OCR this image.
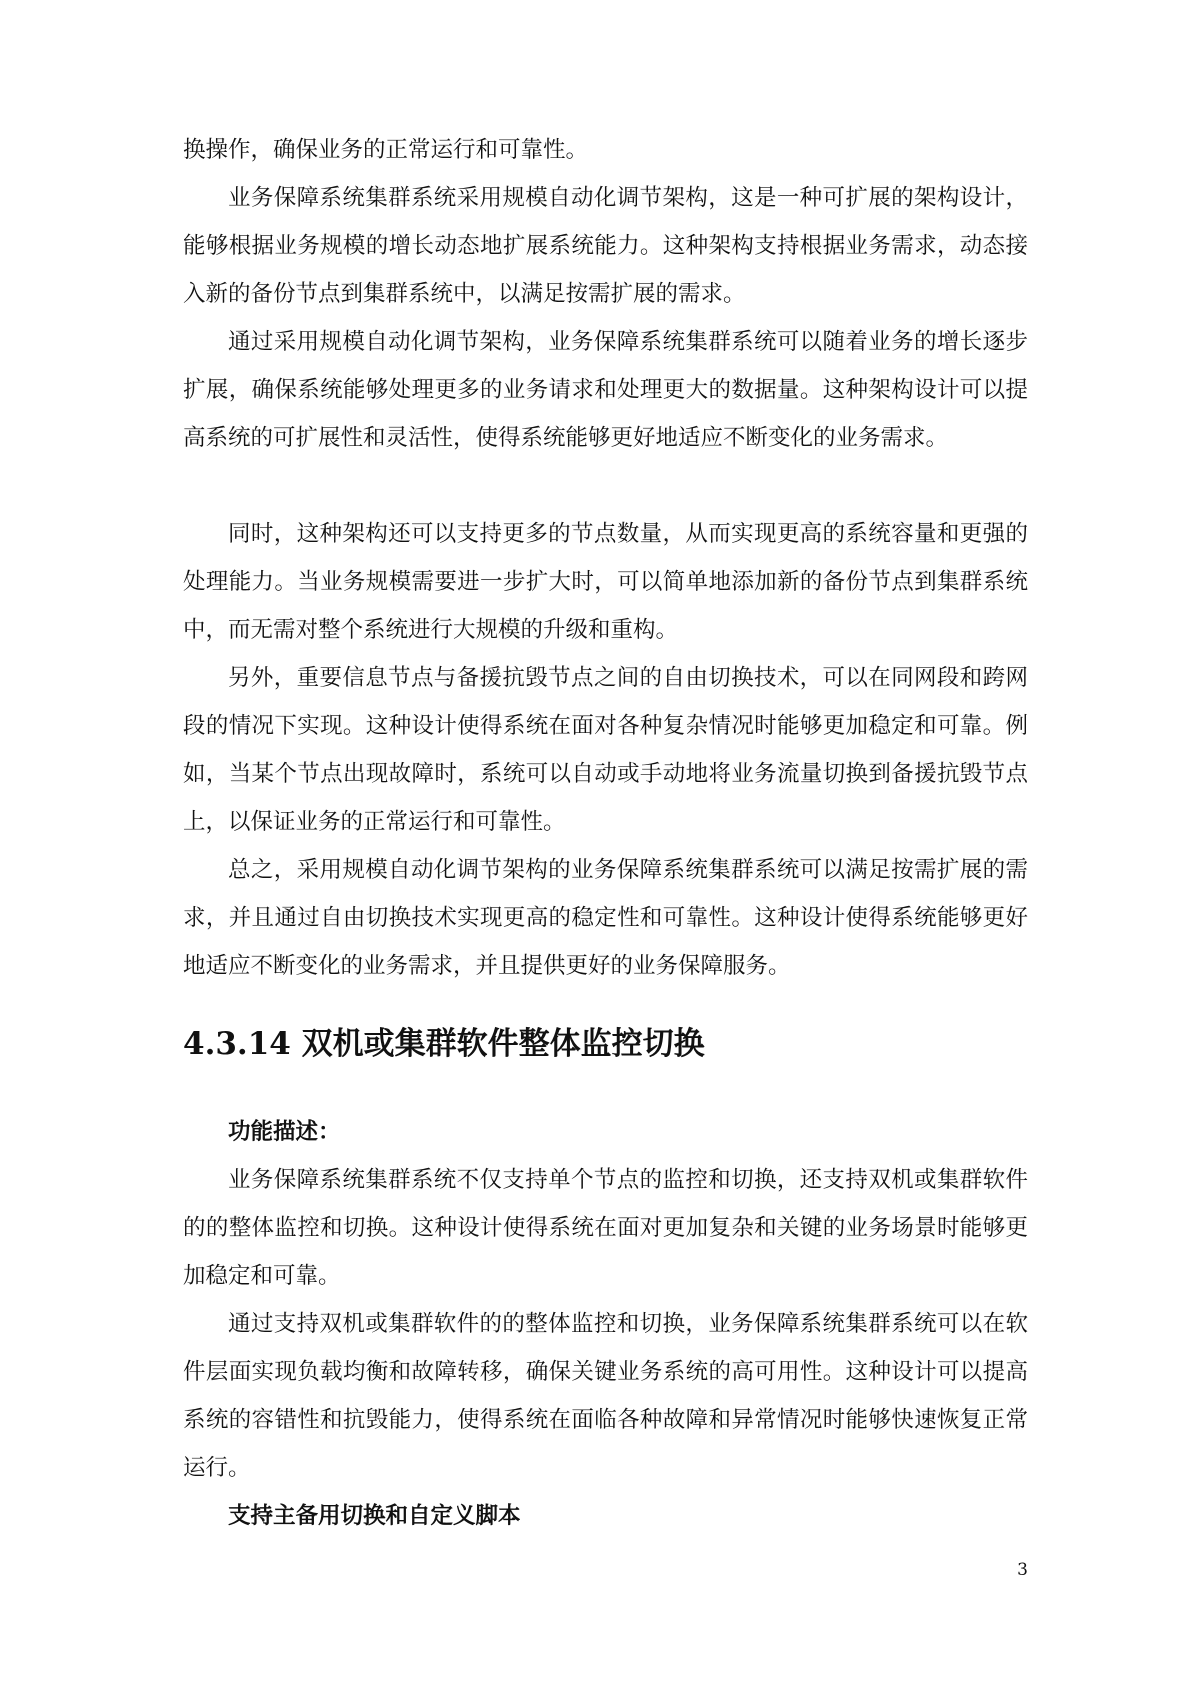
换操作，确保业务的正常运行和可靠性。

业务保障系统集群系统采用规模自动化调节架构，这是一种可扩展的架构设计，能够根据业务规模的增长动态地扩展系统能力。这种架构支持根据业务需求，动态接入新的备份节点到集群系统中，以满足按需扩展的需求。

通过采用规模自动化调节架构，业务保障系统集群系统可以随着业务的增长逐步扩展，确保系统能够处理更多的业务请求和处理更大的数据量。这种架构设计可以提高系统的可扩展性和灵活性，使得系统能够更好地适应不断变化的业务需求。

同时，这种架构还可以支持更多的节点数量，从而实现更高的系统容量和更强的处理能力。当业务规模需要进一步扩大时，可以简单地添加新的备份节点到集群系统中，而无需对整个系统进行大规模的升级和重构。

另外，重要信息节点与备援抗毁节点之间的自由切换技术，可以在同网段和跨网段的情况下实现。这种设计使得系统在面对各种复杂情况时能够更加稳定和可靠。例如，当某个节点出现故障时，系统可以自动或手动地将业务流量切换到备援抗毁节点上，以保证业务的正常运行和可靠性。

总之，采用规模自动化调节架构的业务保障系统集群系统可以满足按需扩展的需求，并且通过自由切换技术实现更高的稳定性和可靠性。这种设计使得系统能够更好地适应不断变化的业务需求，并且提供更好的业务保障服务。

4.3.14 双机或集群软件整体监控切换

功能描述：

业务保障系统集群系统不仅支持单个节点的监控和切换，还支持双机或集群软件的的整体监控和切换。这种设计使得系统在面对更加复杂和关键的业务场景时能够更加稳定和可靠。

通过支持双机或集群软件的的整体监控和切换，业务保障系统集群系统可以在软件层面实现负载均衡和故障转移，确保关键业务系统的高可用性。这种设计可以提高系统的容错性和抗毁能力，使得系统在面临各种故障和异常情况时能够快速恢复正常运行。

支持主备用切换和自定义脚本

3
